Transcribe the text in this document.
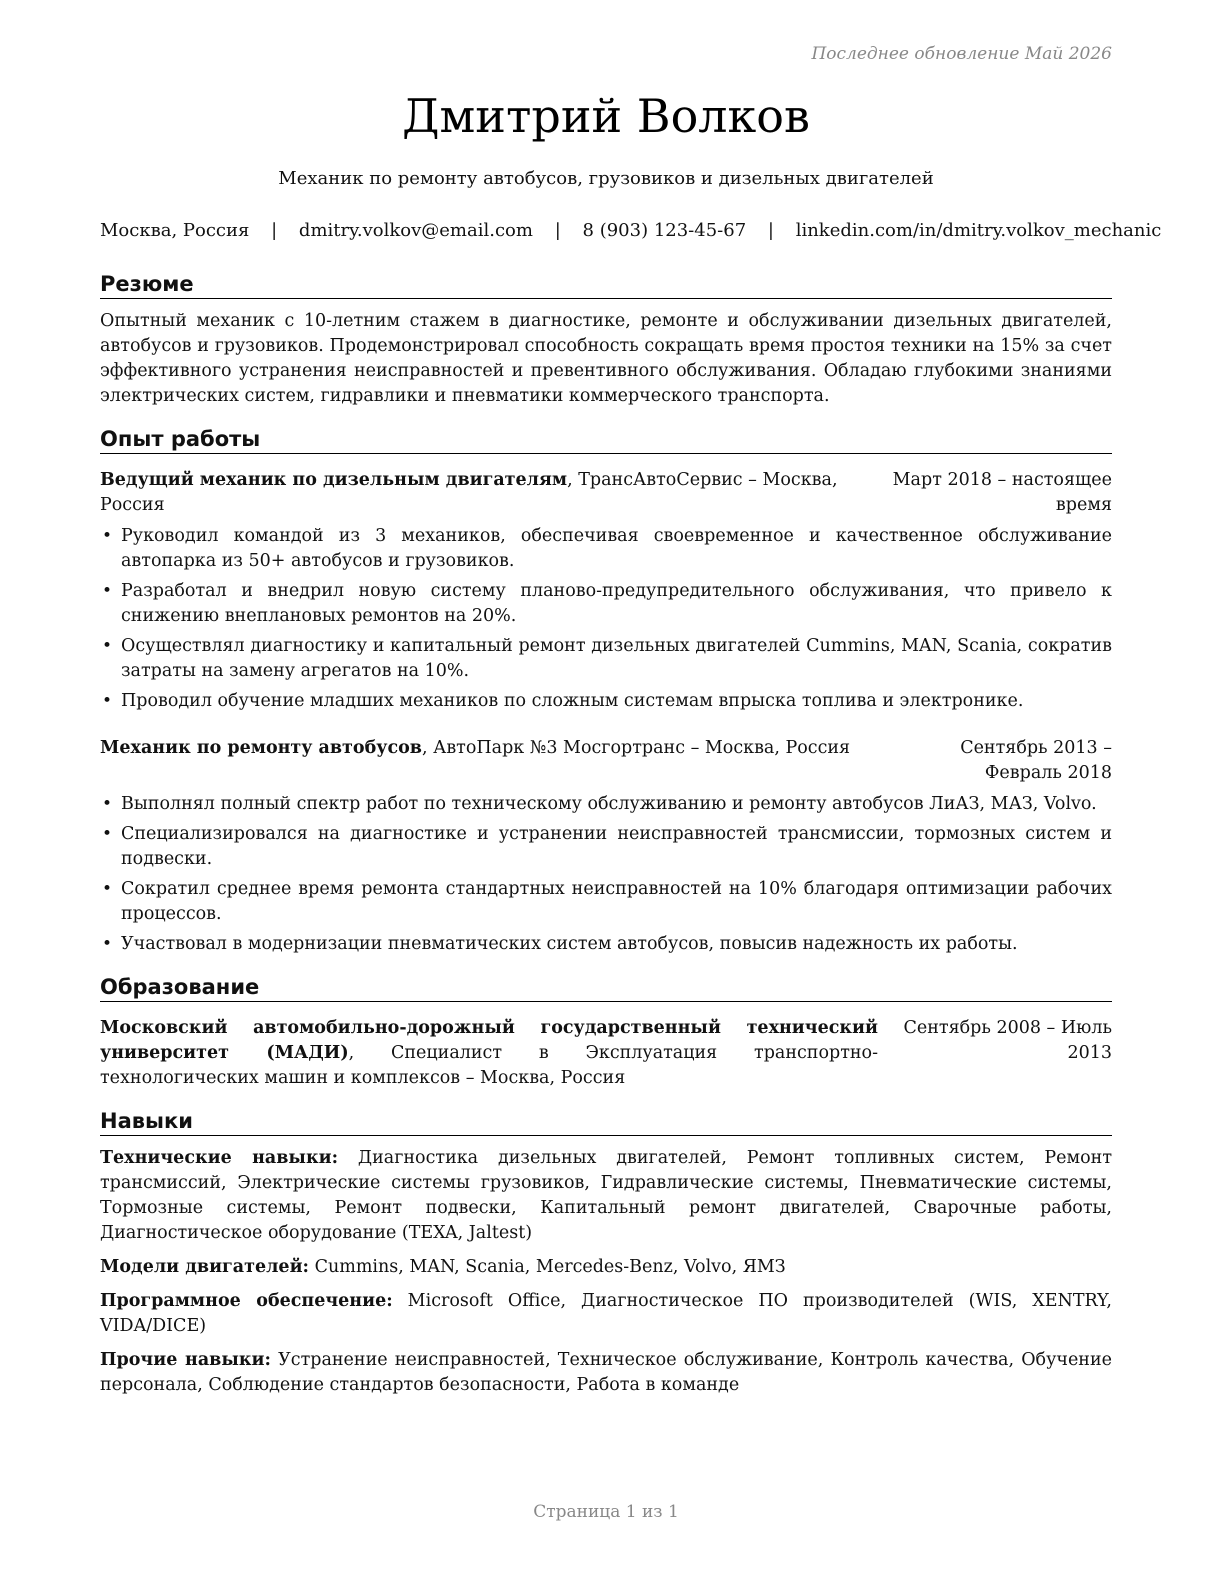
Последнее обновление Май 2026
Дмитрий Волков
Механик по ремонту автобусов, грузовиков и дизельных двигателей
Москва, Россия | dmitry.volkov@email.com | 8 (903) 123-45-67 | linkedin.com/in/dmitry.volkov_mechanic
Резюме

Опытный механик с 10-летним стажем в диагностике, ремонте и обслуживании дизельных двигателей, автобусов и грузовиков. Продемонстрировал способность сокращать время простоя техники на 15% за счет эффективного устранения неисправностей и превентивного обслуживания. Обладаю глубокими знаниями электрических систем, гидравлики и пневматики коммерческого транспорта.

Опыт работы
Ведущий механик по дизельным двигателям, ТрансАвтоСервис – Москва, Россия
Март 2018 – настоящее время
• Руководил командой из 3 механиков, обеспечивая своевременное и качественное обслуживание автопарка из 50+ автобусов и грузовиков.
• Разработал и внедрил новую систему планово-предупредительного обслуживания, что привело к снижению внеплановых ремонтов на 20%.
• Осуществлял диагностику и капитальный ремонт дизельных двигателей Cummins, MAN, Scania, сократив затраты на замену агрегатов на 10%.
• Проводил обучение младших механиков по сложным системам впрыска топлива и электронике.
Механик по ремонту автобусов, АвтоПарк №3 Мосгортранс – Москва, Россия	Сентябрь 2013 – Февраль 2018
• Выполнял полный спектр работ по техническому обслуживанию и ремонту автобусов ЛиАЗ, МАЗ, Volvo.
• Специализировался на диагностике и устранении неисправностей трансмиссии, тормозных систем и подвески.
• Сократил среднее время ремонта стандартных неисправностей на 10% благодаря оптимизации рабочих процессов.
• Участвовал в модернизации пневматических систем автобусов, повысив надежность их работы.
Образование
Московский автомобильно-дорожный государственный технический университет (МАДИ), Специалист в Эксплуатация транспортно-технологических машин и комплексов – Москва, Россия
Сентябрь 2008 – Июль 2013
Навыки

Технические навыки: Диагностика дизельных двигателей, Ремонт топливных систем, Ремонт трансмиссий, Электрические системы грузовиков, Гидравлические системы, Пневматические системы, Тормозные системы, Ремонт подвески, Капитальный ремонт двигателей, Сварочные работы, Диагностическое оборудование (TEXA, Jaltest)

Модели двигателей: Cummins, MAN, Scania, Mercedes-Benz, Volvo, ЯМЗ

Программное обеспечение: Microsoft Office, Диагностическое ПО производителей (WIS, XENTRY, VIDA/DICE)

Прочие навыки: Устранение неисправностей, Техническое обслуживание, Контроль качества, Обучение персонала, Соблюдение стандартов безопасности, Работа в команде

Страница 1 из 1
